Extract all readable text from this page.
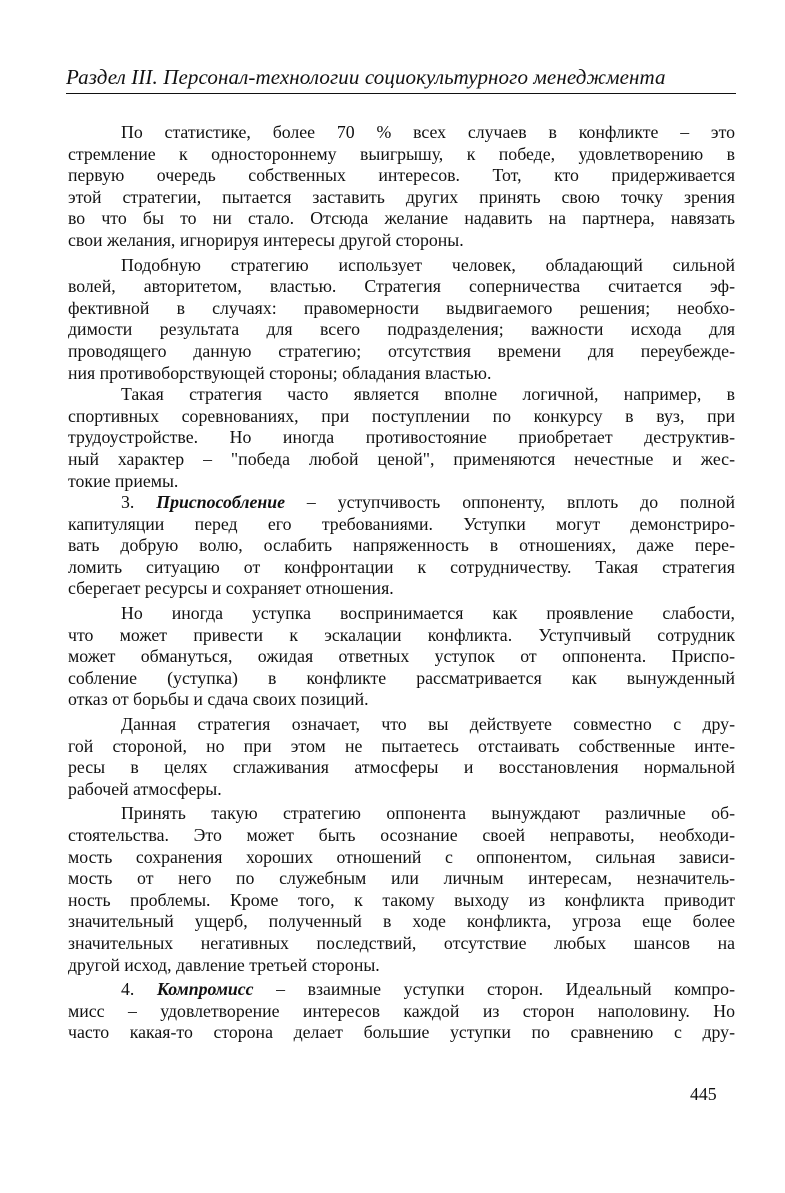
Раздел III. Персонал-технологии социокультурного менеджмента

По статистике, более 70 % всех случаев в конфликте – это
стремление к одностороннему выигрышу, к победе, удовлетворению в
первую очередь собственных интересов. Тот, кто придерживается
этой стратегии, пытается заставить других принять свою точку зрения
во что бы то ни стало. Отсюда желание надавить на партнера, навязать
свои желания, игнорируя интересы другой стороны.

Подобную стратегию использует человек, обладающий сильной
волей, авторитетом, властью. Стратегия соперничества считается эф-
фективной в случаях: правомерности выдвигаемого решения; необхо-
димости результата для всего подразделения; важности исхода для
проводящего данную стратегию; отсутствия времени для переубежде-
ния противоборствующей стороны; обладания властью.

Такая стратегия часто является вполне логичной, например, в
спортивных соревнованиях, при поступлении по конкурсу в вуз, при
трудоустройстве. Но иногда противостояние приобретает деструктив-
ный характер – "победа любой ценой", применяются нечестные и жес-
токие приемы.

3. Приспособление – уступчивость оппоненту, вплоть до полной
капитуляции перед его требованиями. Уступки могут демонстриро-
вать добрую волю, ослабить напряженность в отношениях, даже пере-
ломить ситуацию от конфронтации к сотрудничеству. Такая стратегия
сберегает ресурсы и сохраняет отношения.

Но иногда уступка воспринимается как проявление слабости,
что может привести к эскалации конфликта. Уступчивый сотрудник
может обмануться, ожидая ответных уступок от оппонента. Приспо-
собление (уступка) в конфликте рассматривается как вынужденный
отказ от борьбы и сдача своих позиций.

Данная стратегия означает, что вы действуете совместно с дру-
гой стороной, но при этом не пытаетесь отстаивать собственные инте-
ресы в целях сглаживания атмосферы и восстановления нормальной
рабочей атмосферы.

Принять такую стратегию оппонента вынуждают различные об-
стоятельства. Это может быть осознание своей неправоты, необходи-
мость сохранения хороших отношений с оппонентом, сильная зависи-
мость от него по служебным или личным интересам, незначитель-
ность проблемы. Кроме того, к такому выходу из конфликта приводит
значительный ущерб, полученный в ходе конфликта, угроза еще более
значительных негативных последствий, отсутствие любых шансов на
другой исход, давление третьей стороны.

4. Компромисс – взаимные уступки сторон. Идеальный компро-
мисс – удовлетворение интересов каждой из сторон наполовину. Но
часто какая-то сторона делает большие уступки по сравнению с дру-

445
